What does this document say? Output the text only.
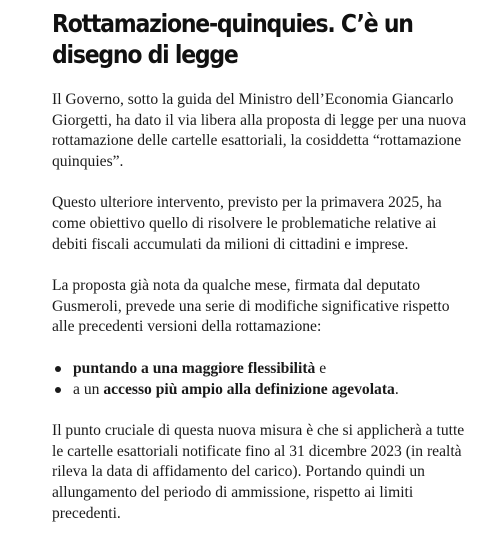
Rottamazione-quinquies. C’è un disegno di legge

Il Governo, sotto la guida del Ministro dell’Economia Giancarlo Giorgetti, ha dato il via libera alla proposta di legge per una nuova rottamazione delle cartelle esattoriali, la cosiddetta “rottamazione quinquies”.

Questo ulteriore intervento, previsto per la primavera 2025, ha come obiettivo quello di risolvere le problematiche relative ai debiti fiscali accumulati da milioni di cittadini e imprese.

La proposta già nota da qualche mese, firmata dal deputato Gusmeroli, prevede una serie di modifiche significative rispetto alle precedenti versioni della rottamazione:

puntando a una maggiore flessibilità e
a un accesso più ampio alla definizione agevolata.

Il punto cruciale di questa nuova misura è che si applicherà a tutte le cartelle esattoriali notificate fino al 31 dicembre 2023 (in realtà rileva la data di affidamento del carico). Portando quindi un allungamento del periodo di ammissione, rispetto ai limiti precedenti.
